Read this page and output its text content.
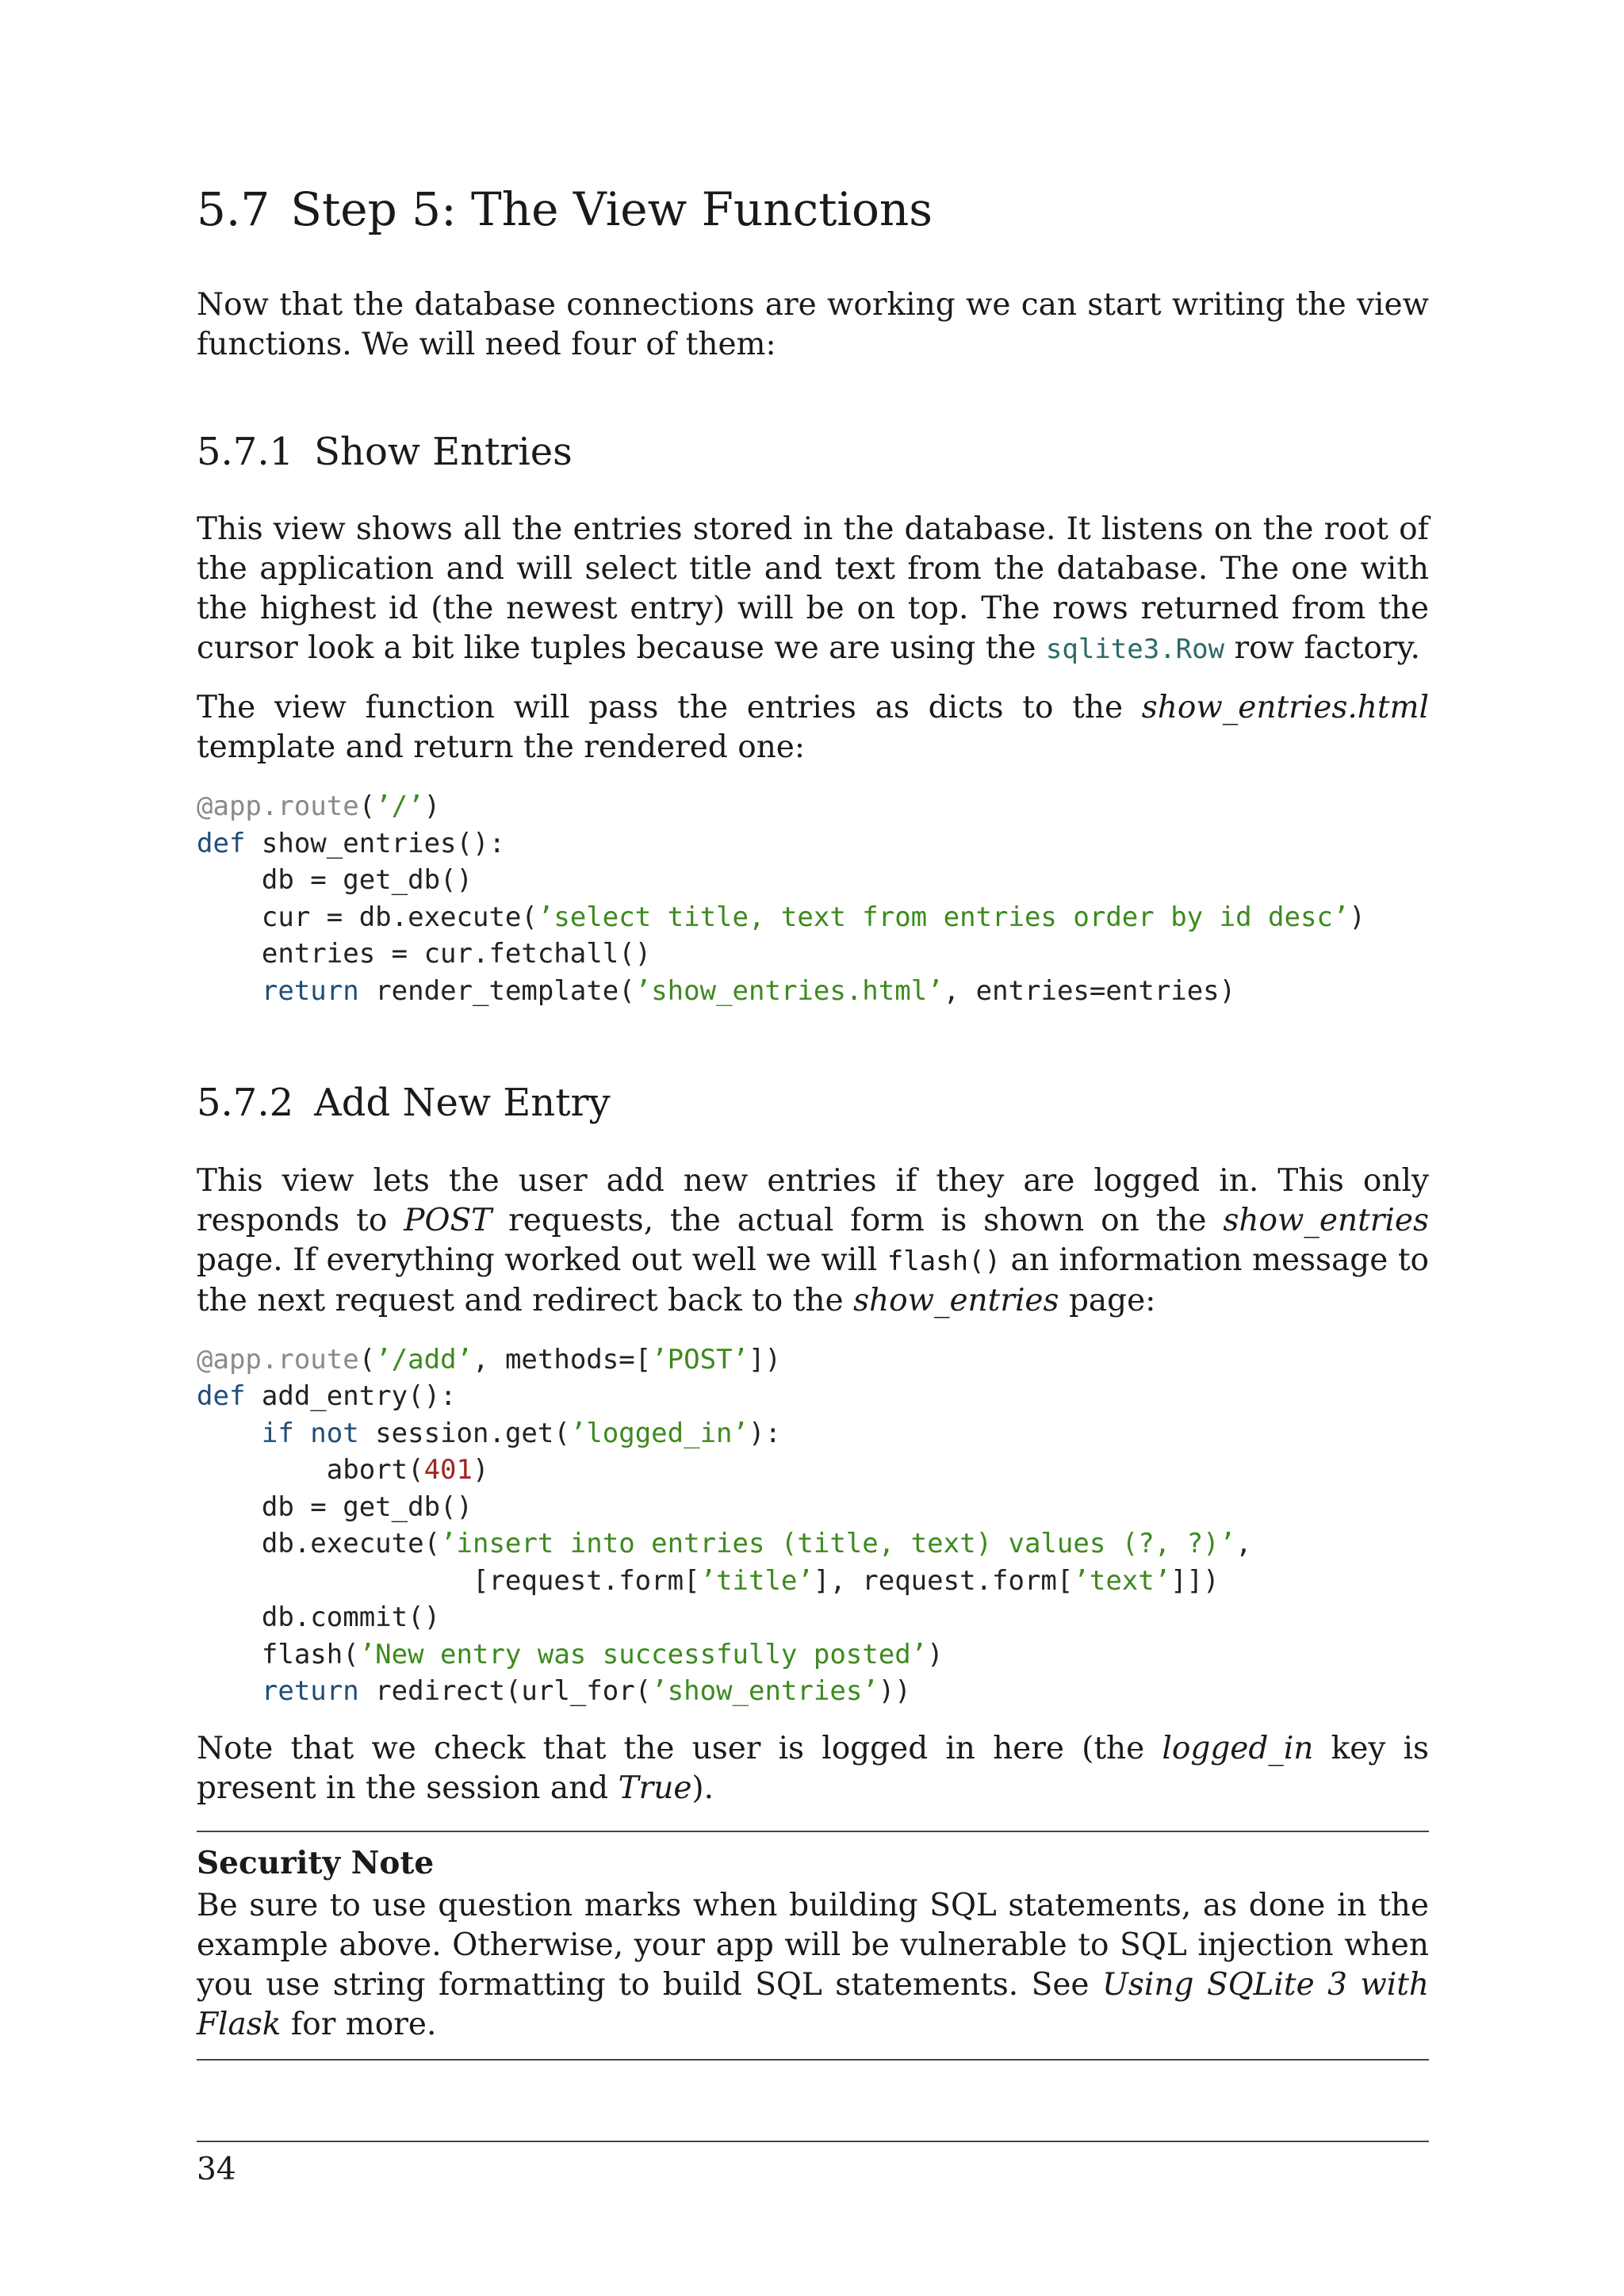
5.7 Step 5: The View Functions

Now that the database connections are working we can start writing the view functions. We will need four of them:

5.7.1 Show Entries

This view shows all the entries stored in the database. It listens on the root of the application and will select title and text from the database. The one with the highest id (the newest entry) will be on top. The rows returned from the cursor look a bit like tuples because we are using the sqlite3.Row row factory.

The view function will pass the entries as dicts to the show_entries.html template and return the rendered one:

@app.route(’/’)
def show_entries():
db = get_db()
cur = db.execute(’select title, text from entries order by id desc’)
entries = cur.fetchall()
return render_template(’show_entries.html’, entries=entries)
5.7.2 Add New Entry

This view lets the user add new entries if they are logged in. This only responds to POST requests, the actual form is shown on the show_entries page. If everything worked out well we will flash() an information message to the next request and redirect back to the show_entries page:

@app.route(’/add’, methods=[’POST’])
def add_entry():
if not session.get(’logged_in’):
abort(401)
db = get_db()
db.execute(’insert into entries (title, text) values (?, ?)’,
[request.form[’title’], request.form[’text’]])
db.commit()
flash(’New entry was successfully posted’)
return redirect(url_for(’show_entries’))

Note that we check that the user is logged in here (the logged_in key is present in the session and True).

Security Note

Be sure to use question marks when building SQL statements, as done in the example above. Otherwise, your app will be vulnerable to SQL injection when you use string formatting to build SQL statements. See Using SQLite 3 with Flask for more.

34
